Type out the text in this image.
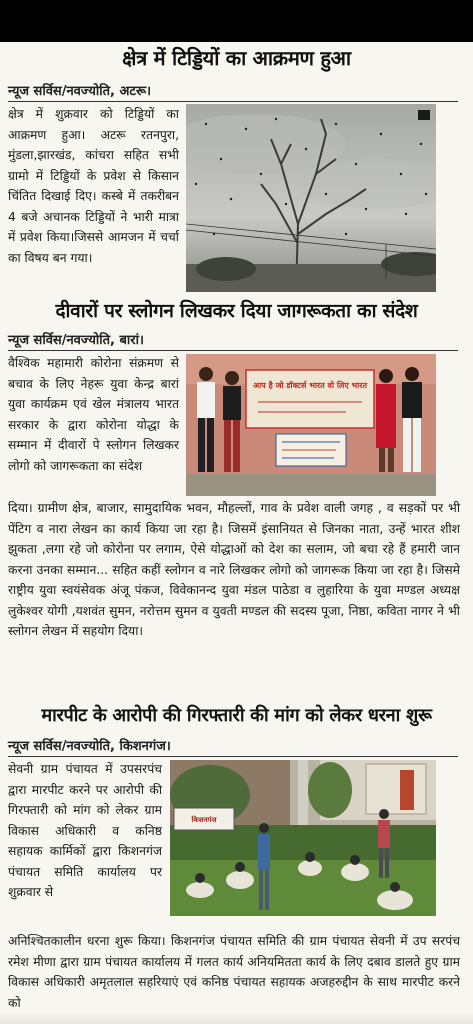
क्षेत्र में टिड्डियों का आक्रमण हुआ
न्यूज सर्विस/नवज्योति, अटरू।
क्षेत्र में शुक्रवार को टिड्डियों का आक्रमण हुआ। अटरू रतनपुरा, मुंडला,झारखंड, कांचरा सहित सभी ग्रामो में टिड्डियों के प्रवेश से किसान चिंतित दिखाई दिए। कस्बे में तकरीबन 4 बजे अचानक टिड्डियों ने भारी मात्रा में प्रवेश किया।जिससे आमजन में चर्चा का विषय बन गया।
दीवारों पर स्लोगन लिखकर दिया जागरूकता का संदेश
न्यूज सर्विस/नवज्योति, बारां।
वैश्विक महामारी कोरोना संक्रमण से बचाव के लिए नेहरू युवा केन्द्र बारां युवा कार्यक्रम एवं खेल मंत्रालय भारत सरकार के द्वारा कोरोना योद्धा के सम्मान में दीवारों पे स्लोगन लिखकर लोगो को जागरूकता का संदेश
आप है जो डॉक्टर्स भारत वो लिए भारत
दिया। ग्रामीण क्षेत्र, बाजार, सामुदायिक भवन, मौहल्लों, गाव के प्रवेश वाली जगह , व सड़कों पर भी पेंटिग व नारा लेखन का कार्य किया जा रहा है। जिसमें इंसानियत से जिनका नाता, उन्हें भारत शीश झुकता ,लगा रहे जो कोरोना पर लगाम, ऐसे योद्धाओं को देश का सलाम, जो बचा रहे हैं हमारी जान करना उनका सम्मान... सहित कहीं स्लोगन व नारे लिखकर लोगो को जागरूक किया जा रहा है। जिसमे राष्ट्रीय युवा स्वयंसेवक अंजू पंकज, विवेकानन्द युवा मंडल पाठेडा व लुहारिया के युवा मण्डल अध्यक्ष लुकेश्वर योगी ,यशवंत सुमन, नरोत्तम सुमन व युवती मण्डल की सदस्य पूजा, निष्ठा, कविता नागर ने भी स्लोगन लेखन में सहयोग दिया।
मारपीट के आरोपी की गिरफ्तारी की मांग को लेकर धरना शुरू
न्यूज सर्विस/नवज्योति, किशनगंज।
सेवनी ग्राम पंचायत में उपसरपंच द्वारा मारपीट करने पर आरोपी की गिरफ्तारी को मांग को लेकर ग्राम विकास अधिकारी व कनिष्ठ सहायक कार्मिकों द्वारा किशनगंज पंचायत समिति कार्यालय पर शुक्रवार से
किशनगंज
अनिश्चितकालीन धरना शुरू किया। किशनगंज पंचायत समिति की ग्राम पंचायत सेवनी में उप सरपंच रमेश मीणा द्वारा ग्राम पंचायत कार्यालय में गलत कार्य अनियमितता कार्य के लिए दबाव डालते हुए ग्राम विकास अधिकारी अमृतलाल सहरियाएं एवं कनिष्ठ पंचायत सहायक अजहरुद्दीन के साथ मारपीट करने को
